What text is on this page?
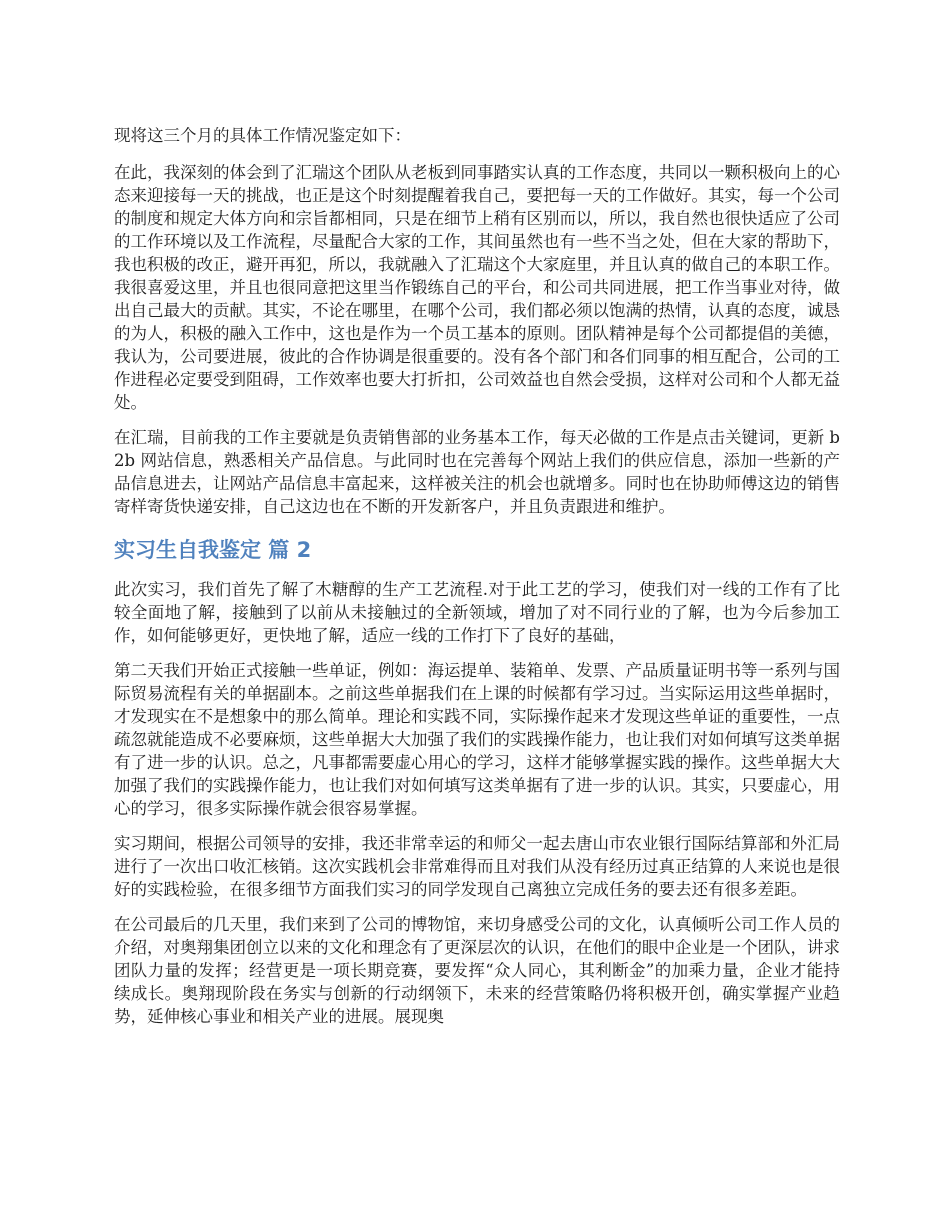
现将这三个月的具体工作情况鉴定如下：

在此，我深刻的体会到了汇瑞这个团队从老板到同事踏实认真的工作态度，共同以一颗积极向上的心态来迎接每一天的挑战，也正是这个时刻提醒着我自己，要把每一天的工作做好。其实，每一个公司的制度和规定大体方向和宗旨都相同，只是在细节上稍有区别而以，所以，我自然也很快适应了公司的工作环境以及工作流程，尽量配合大家的工作，其间虽然也有一些不当之处，但在大家的帮助下，我也积极的改正，避开再犯，所以，我就融入了汇瑞这个大家庭里，并且认真的做自己的本职工作。我很喜爱这里，并且也很同意把这里当作锻练自己的平台，和公司共同进展，把工作当事业对待，做出自己最大的贡献。其实，不论在哪里，在哪个公司，我们都必须以饱满的热情，认真的态度，诚恳的为人，积极的融入工作中，这也是作为一个员工基本的原则。团队精神是每个公司都提倡的美德，我认为，公司要进展，彼此的合作协调是很重要的。没有各个部门和各们同事的相互配合，公司的工作进程必定要受到阻碍，工作效率也要大打折扣，公司效益也自然会受损，这样对公司和个人都无益处。

在汇瑞，目前我的工作主要就是负责销售部的业务基本工作，每天必做的工作是点击关键词，更新 b2b 网站信息，熟悉相关产品信息。与此同时也在完善每个网站上我们的供应信息，添加一些新的产品信息进去，让网站产品信息丰富起来，这样被关注的机会也就增多。同时也在协助师傅这边的销售寄样寄货快递安排，自己这边也在不断的开发新客户，并且负责跟进和维护。

实习生自我鉴定 篇 2

此次实习，我们首先了解了木糖醇的生产工艺流程.对于此工艺的学习，使我们对一线的工作有了比较全面地了解，接触到了以前从未接触过的全新领域，增加了对不同行业的了解，也为今后参加工作，如何能够更好，更快地了解，适应一线的工作打下了良好的基础，

第二天我们开始正式接触一些单证，例如：海运提单、装箱单、发票、产品质量证明书等一系列与国际贸易流程有关的单据副本。之前这些单据我们在上课的时候都有学习过。当实际运用这些单据时，才发现实在不是想象中的那么简单。理论和实践不同，实际操作起来才发现这些单证的重要性，一点疏忽就能造成不必要麻烦，这些单据大大加强了我们的实践操作能力，也让我们对如何填写这类单据有了进一步的认识。总之，凡事都需要虚心用心的学习，这样才能够掌握实践的操作。这些单据大大加强了我们的实践操作能力，也让我们对如何填写这类单据有了进一步的认识。其实，只要虚心，用心的学习，很多实际操作就会很容易掌握。

实习期间，根据公司领导的安排，我还非常幸运的和师父一起去唐山市农业银行国际结算部和外汇局进行了一次出口收汇核销。这次实践机会非常难得而且对我们从没有经历过真正结算的人来说也是很好的实践检验，在很多细节方面我们实习的同学发现自己离独立完成任务的要去还有很多差距。

在公司最后的几天里，我们来到了公司的博物馆，来切身感受公司的文化，认真倾听公司工作人员的介绍，对奥翔集团创立以来的文化和理念有了更深层次的认识，在他们的眼中企业是一个团队，讲求团队力量的发挥；经营更是一项长期竞赛，要发挥“众人同心，其利断金”的加乘力量，企业才能持续成长。奥翔现阶段在务实与创新的行动纲领下，未来的经营策略仍将积极开创，确实掌握产业趋势，延伸核心事业和相关产业的进展。展现奥
